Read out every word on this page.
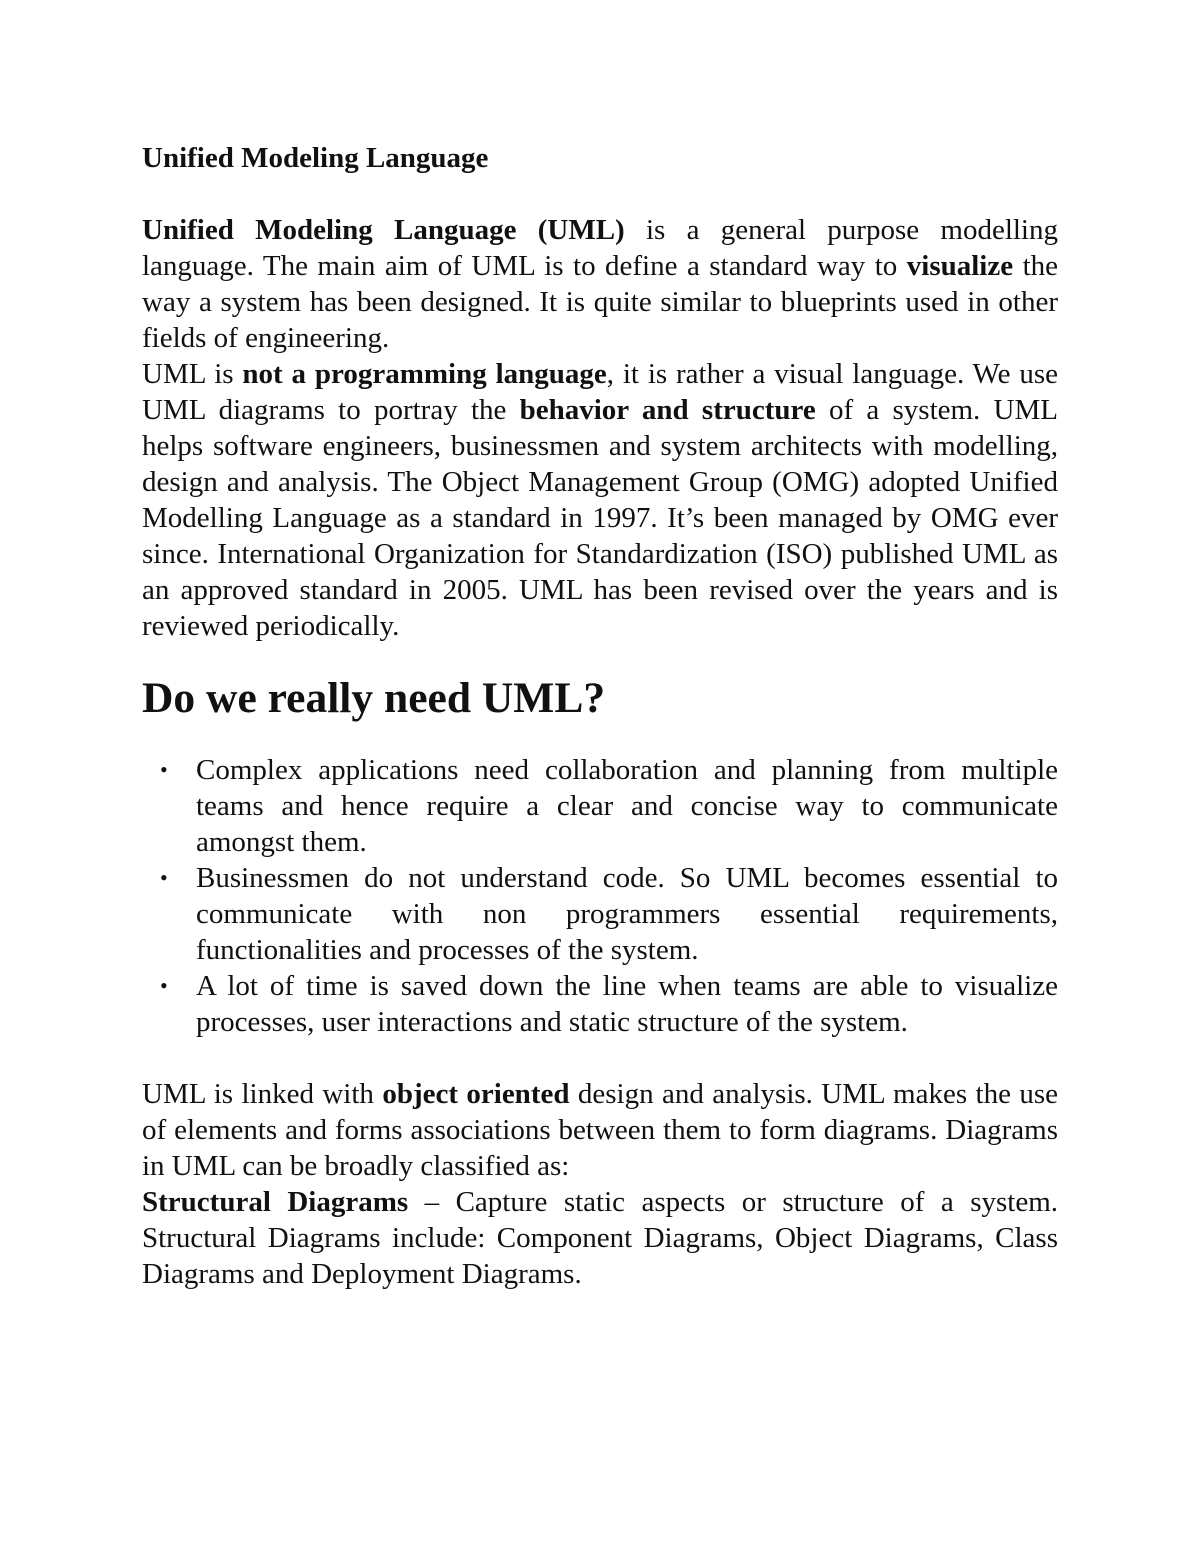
Unified Modeling Language

Unified Modeling Language (UML) is a general purpose modelling language. The main aim of UML is to define a standard way to visualize the way a system has been designed. It is quite similar to blueprints used in other fields of engineering.

UML is not a programming language, it is rather a visual language. We use UML diagrams to portray the behavior and structure of a system. UML helps software engineers, businessmen and system architects with modelling, design and analysis. The Object Management Group (OMG) adopted Unified Modelling Language as a standard in 1997. It’s been managed by OMG ever since. International Organization for Standardization (ISO) published UML as an approved standard in 2005. UML has been revised over the years and is reviewed periodically.

Do we really need UML?
• Complex applications need collaboration and planning from multiple teams and hence require a clear and concise way to communicate amongst them.
• Businessmen do not understand code. So UML becomes essential to communicate with non programmers essential requirements, functionalities and processes of the system.
• A lot of time is saved down the line when teams are able to visualize processes, user interactions and static structure of the system.

UML is linked with object oriented design and analysis. UML makes the use of elements and forms associations between them to form diagrams. Diagrams in UML can be broadly classified as:

Structural Diagrams – Capture static aspects or structure of a system. Structural Diagrams include: Component Diagrams, Object Diagrams, Class Diagrams and Deployment Diagrams.
